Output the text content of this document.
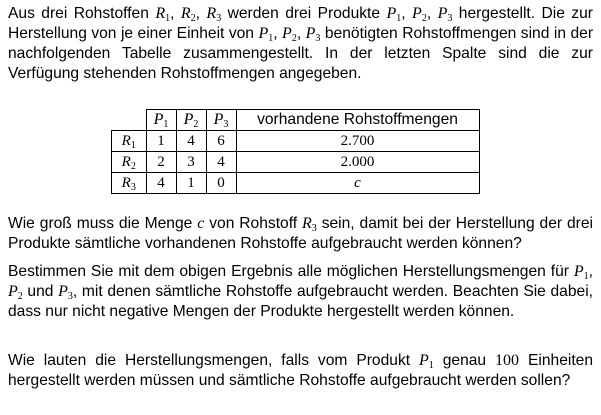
Aus drei Rohstoffen $R_1$, $R_2$, $R_3$ werden drei Produkte $P_1$, $P_2$, $P_3$ hergestellt. Die zur Herstellung von je einer Einheit von $P_1$, $P_2$, $P_3$ benötigten Rohstoffmengen sind in der nachfolgenden Tabelle zusammengestellt. In der letzten Spalte sind die zur Verfügung stehenden Rohstoffmengen angegeben.

	$P_1$	$P_2$	$P_3$	vorhandene Rohstoffmengen
$R_1$	1	4	6	2.700
$R_2$	2	3	4	2.000
$R_3$	4	1	0	c

Wie groß muss die Menge c von Rohstoff $R_3$ sein, damit bei der Herstellung der drei Produkte sämtliche vorhandenen Rohstoffe aufgebraucht werden können?

Bestimmen Sie mit dem obigen Ergebnis alle möglichen Herstellungsmengen für $P_1$, $P_2$ und $P_3$, mit denen sämtliche Rohstoffe aufgebraucht werden. Beachten Sie dabei, dass nur nicht negative Mengen der Produkte hergestellt werden können.

Wie lauten die Herstellungsmengen, falls vom Produkt $P_1$ genau 100 Einheiten hergestellt werden müssen und sämtliche Rohstoffe aufgebraucht werden sollen?
